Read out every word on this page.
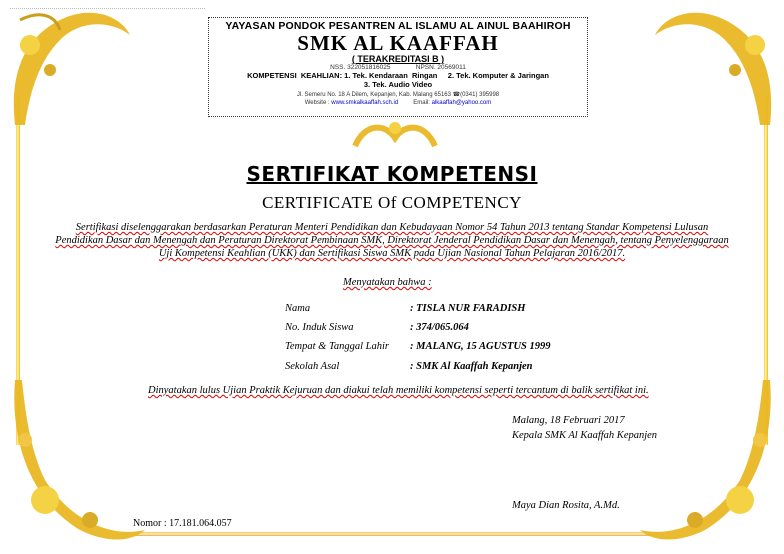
YAYASAN PONDOK PESANTREN AL ISLAMU AL AINUL BAAHIROH
SMK AL KAAFFAH
( TERAKREDITASI B )
NSS. 322051816025	NPSN. 20569011
KOMPETENSI  KEAHLIAN: 1. Tek. Kendaraan  Ringan     2. Tek. Komputer & Jaringan
3. Tek. Audio Video
Jl. Semeru No. 18 A Dilem, Kepanjen, Kab. Malang 65163 ☎(0341) 395998
Website : www.smkalkaaffah.sch.id	Email: alkaaffah@yahoo.com
SERTIFIKAT KOMPETENSI
CERTIFICATE Of COMPETENCY
Sertifikasi diselenggarakan berdasarkan Peraturan Menteri Pendidikan dan Kebudayaan Nomor 54 Tahun 2013 tentang Standar Kompetensi Lulusan Pendidikan Dasar dan Menengah dan Peraturan Direktorat Pembinaan SMK, Direktorat Jenderal Pendidikan Dasar dan Menengah, tentang Penyelenggaraan Uji Kompetensi Keahlian (UKK) dan Sertifikasi Siswa SMK pada Ujian Nasional Tahun Pelajaran 2016/2017.
Menyatakan bahwa :
Nama	: TISLA NUR FARADISH
No. Induk Siswa	: 374/065.064
Tempat & Tanggal Lahir : MALANG, 15 AGUSTUS 1999
Sekolah Asal	: SMK Al Kaaffah Kepanjen
Dinyatakan lulus Ujian Praktik Kejuruan dan diakui telah memiliki kompetensi seperti tercantum di balik sertifikat ini.
Malang, 18 Februari 2017
Kepala SMK Al Kaaffah Kepanjen
Maya Dian Rosita, A.Md.
Nomor : 17.181.064.057
